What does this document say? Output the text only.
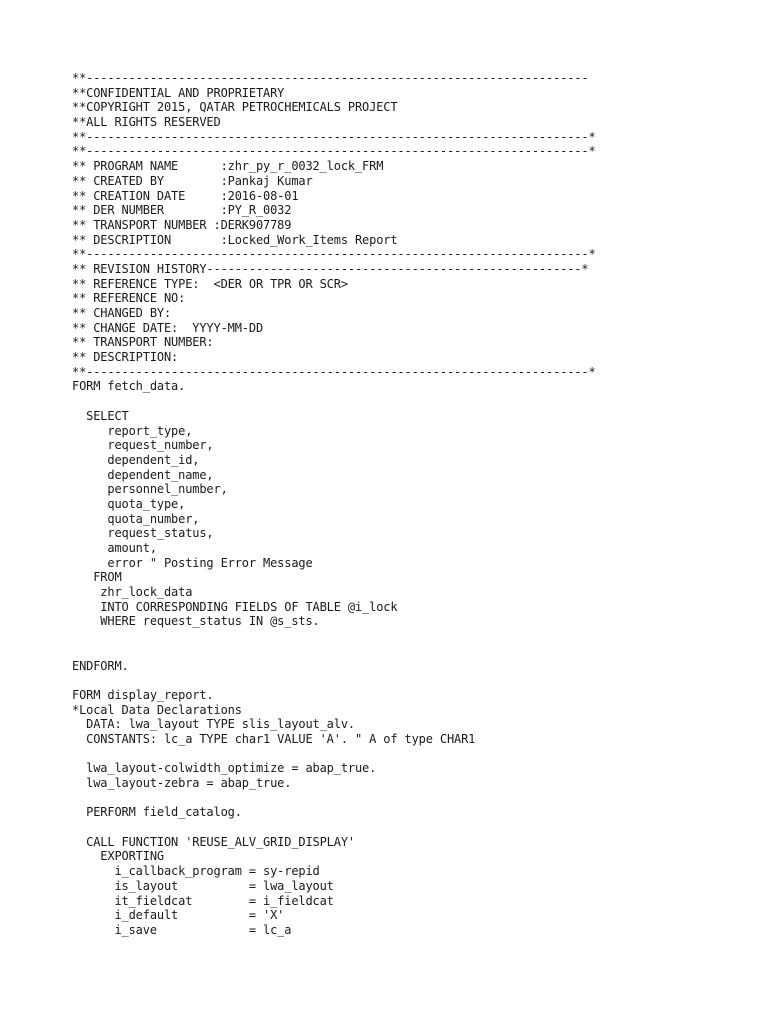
**-----------------------------------------------------------------------
**CONFIDENTIAL AND PROPRIETARY
**COPYRIGHT 2015, QATAR PETROCHEMICALS PROJECT
**ALL RIGHTS RESERVED
**-----------------------------------------------------------------------*
**-----------------------------------------------------------------------*
** PROGRAM NAME      :zhr_py_r_0032_lock_FRM
** CREATED BY        :Pankaj Kumar
** CREATION DATE     :2016-08-01
** DER NUMBER        :PY_R_0032
** TRANSPORT NUMBER :DERK907789
** DESCRIPTION       :Locked_Work_Items Report
**-----------------------------------------------------------------------*
** REVISION HISTORY-----------------------------------------------------*
** REFERENCE TYPE:  <DER OR TPR OR SCR>
** REFERENCE NO:
** CHANGED BY:
** CHANGE DATE:  YYYY-MM-DD
** TRANSPORT NUMBER:
** DESCRIPTION:
**-----------------------------------------------------------------------*
FORM fetch_data.
SELECT
report_type,
request_number,
dependent_id,
dependent_name,
personnel_number,
quota_type,
quota_number,
request_status,
amount,
error " Posting Error Message
FROM
zhr_lock_data
INTO CORRESPONDING FIELDS OF TABLE @i_lock
WHERE request_status IN @s_sts.
ENDFORM.
FORM display_report.
*Local Data Declarations
DATA: lwa_layout TYPE slis_layout_alv.
CONSTANTS: lc_a TYPE char1 VALUE 'A'. " A of type CHAR1
lwa_layout-colwidth_optimize = abap_true.
lwa_layout-zebra = abap_true.
PERFORM field_catalog.
CALL FUNCTION 'REUSE_ALV_GRID_DISPLAY'
EXPORTING
i_callback_program = sy-repid
is_layout          = lwa_layout
it_fieldcat        = i_fieldcat
i_default          = 'X'
i_save             = lc_a
